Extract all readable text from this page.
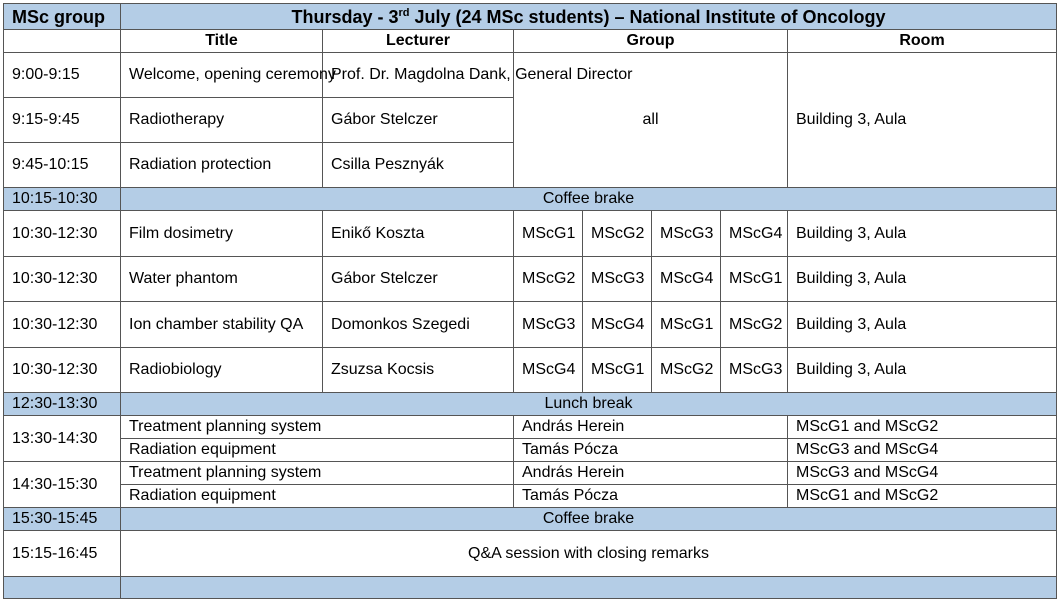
MSc group	Thursday - 3rd July (24 MSc students) – National Institute of Oncology						
	Title	Lecturer	Group				Room
9:00-9:15	Welcome, opening ceremony	Prof. Dr. Magdolna Dank, General Director	all				Building 3, Aula
9:15-9:45	Radiotherapy	Gábor Stelczer					
9:45-10:15	Radiation protection	Csilla Pesznyák					
10:15-10:30	Coffee brake						
10:30-12:30	Film dosimetry	Enikő Koszta	MScG1	MScG2	MScG3	MScG4	Building 3, Aula
10:30-12:30	Water phantom	Gábor Stelczer	MScG2	MScG3	MScG4	MScG1	Building 3, Aula
10:30-12:30	Ion chamber stability QA	Domonkos Szegedi	MScG3	MScG4	MScG1	MScG2	Building 3, Aula
10:30-12:30	Radiobiology	Zsuzsa Kocsis	MScG4	MScG1	MScG2	MScG3	Building 3, Aula
12:30-13:30	Lunch break						
13:30-14:30	Treatment planning system		András Herein				MScG1 and MScG2
	Radiation equipment		Tamás Pócza				MScG3 and MScG4
14:30-15:30	Treatment planning system		András Herein				MScG3 and MScG4
	Radiation equipment		Tamás Pócza				MScG1 and MScG2
15:30-15:45	Coffee brake						
15:15-16:45	Q&A session with closing remarks						
